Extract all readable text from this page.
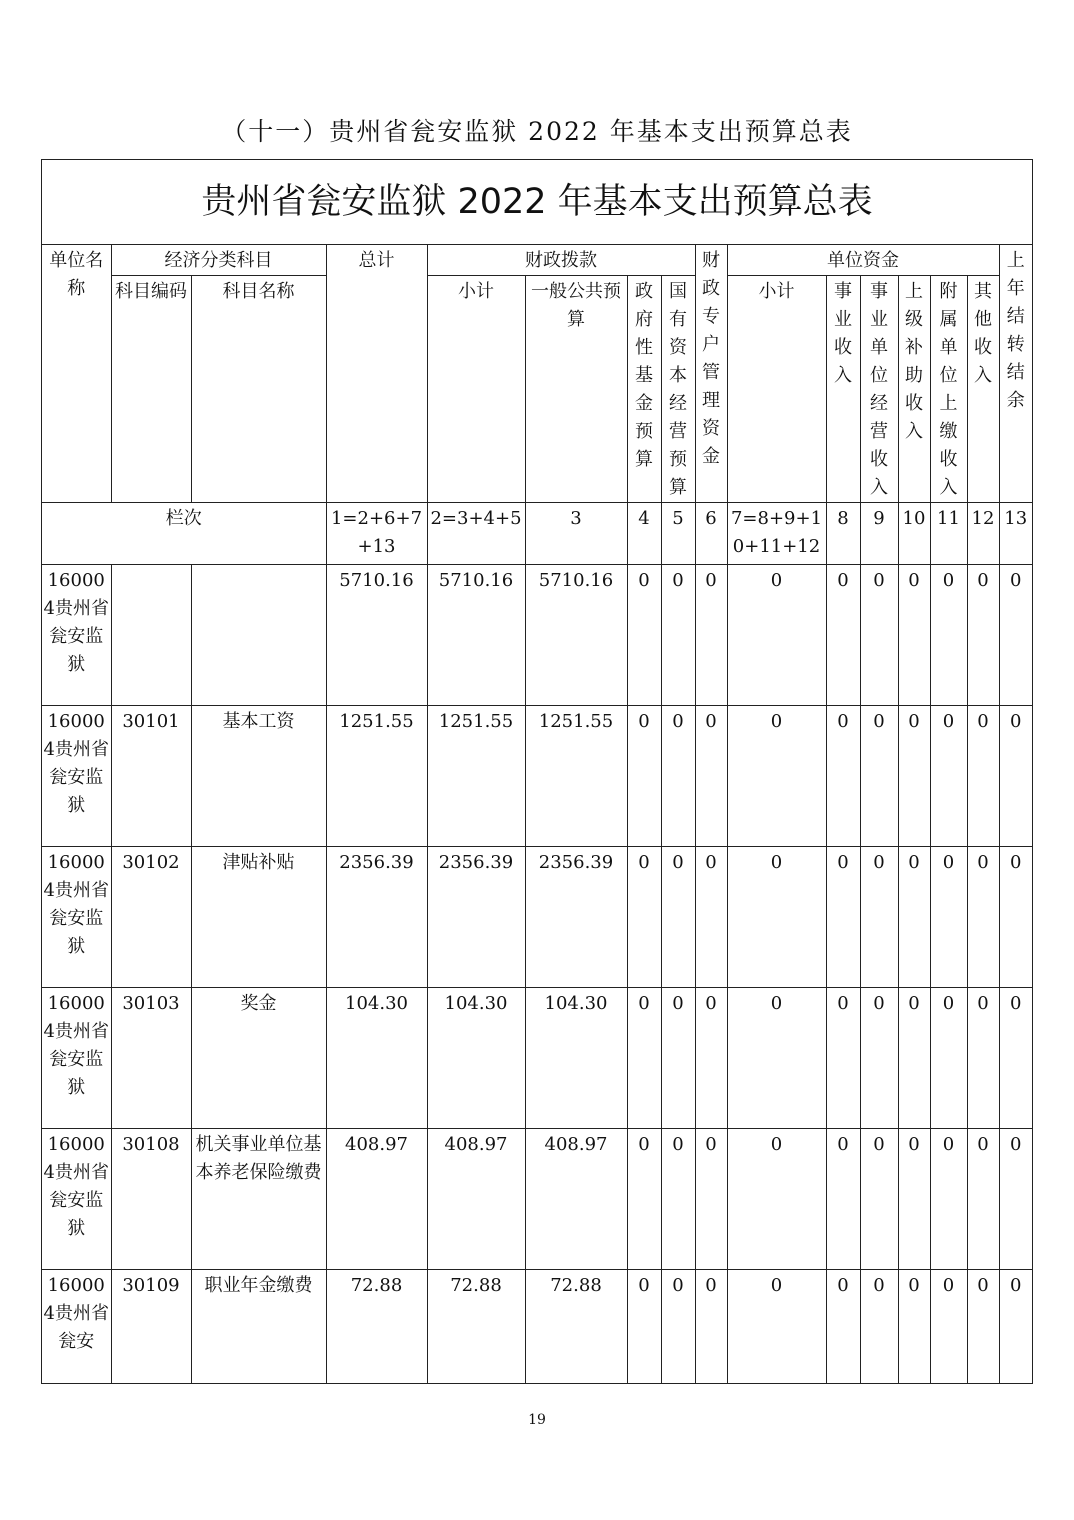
（十一）贵州省瓮安监狱 2022 年基本支出预算总表
贵州省瓮安监狱 2022 年基本支出预算总表
单位名称	经济分类科目		总计	财政拨款				财政专户管理资金	单位资金						上年结转结余
	科目编码	科目名称		小计	一般公共预算	政府性基金预算	国有资本经营预算		小计	事业收入	事业单位经营收入	上级补助收入	附属单位上缴收入	其他收入	
栏次			1=2+6+7+13	2=3+4+5	3	4	5	6	7=8+9+10+11+12	8	9	10	11	12	13
160004贵州省瓮安监狱			5710.16	5710.16	5710.16	0	0	0	0	0	0	0	0	0	0
160004贵州省瓮安监狱	30101	基本工资	1251.55	1251.55	1251.55	0	0	0	0	0	0	0	0	0	0
160004贵州省瓮安监狱	30102	津贴补贴	2356.39	2356.39	2356.39	0	0	0	0	0	0	0	0	0	0
160004贵州省瓮安监狱	30103	奖金	104.30	104.30	104.30	0	0	0	0	0	0	0	0	0	0
160004贵州省瓮安监狱	30108	机关事业单位基本养老保险缴费	408.97	408.97	408.97	0	0	0	0	0	0	0	0	0	0
160004贵州省瓮安	30109	职业年金缴费	72.88	72.88	72.88	0	0	0	0	0	0	0	0	0	0
19
